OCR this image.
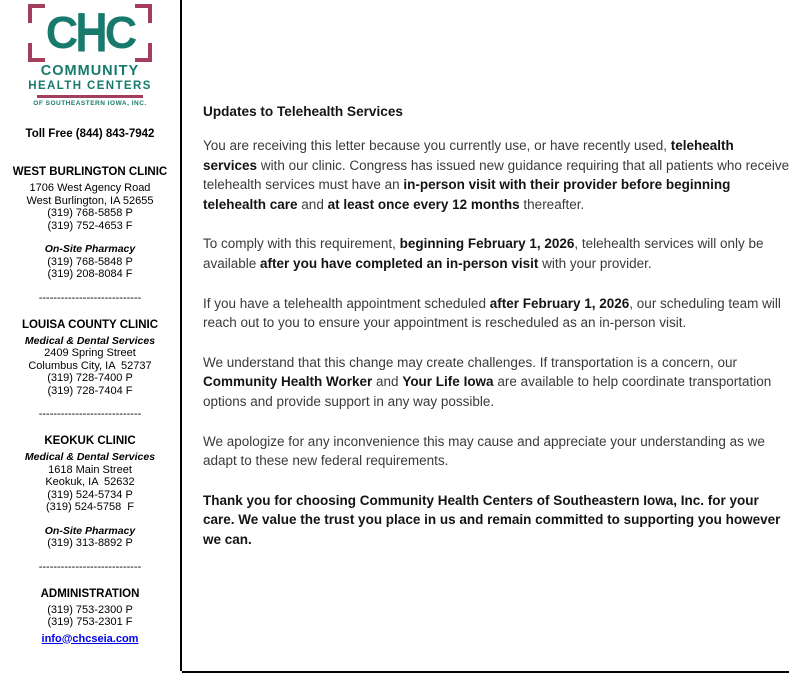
CHC
COMMUNITY
HEALTH CENTERS
OF SOUTHEASTERN IOWA, INC.
Toll Free (844) 843-7942
WEST BURLINGTON CLINIC
1706 West Agency Road
West Burlington, IA 52655
(319) 768-5858 P
(319) 752-4653 F
On-Site Pharmacy
(319) 768-5848 P
(319) 208-8084 F
----------------------------
LOUISA COUNTY CLINIC
Medical & Dental Services
2409 Spring Street
Columbus City, IA  52737
(319) 728-7400 P
(319) 728-7404 F
----------------------------
KEOKUK CLINIC
Medical & Dental Services
1618 Main Street
Keokuk, IA  52632
(319) 524-5734 P
(319) 524-5758  F
On-Site Pharmacy
(319) 313-8892 P
----------------------------
ADMINISTRATION
(319) 753-2300 P
(319) 753-2301 F
info@chcseia.com
Updates to Telehealth Services

You are receiving this letter because you currently use, or have recently used, telehealth services with our clinic. Congress has issued new guidance requiring that all patients who receive telehealth services must have an in-person visit with their provider before beginning telehealth care and at least once every 12 months thereafter.

To comply with this requirement, beginning February 1, 2026, telehealth services will only be available after you have completed an in-person visit with your provider.

If you have a telehealth appointment scheduled after February 1, 2026, our scheduling team will reach out to you to ensure your appointment is rescheduled as an in-person visit.

We understand that this change may create challenges. If transportation is a concern, our Community Health Worker and Your Life Iowa are available to help coordinate transportation options and provide support in any way possible.

We apologize for any inconvenience this may cause and appreciate your understanding as we adapt to these new federal requirements.

Thank you for choosing Community Health Centers of Southeastern Iowa, Inc. for your care. We value the trust you place in us and remain committed to supporting you however we can.
